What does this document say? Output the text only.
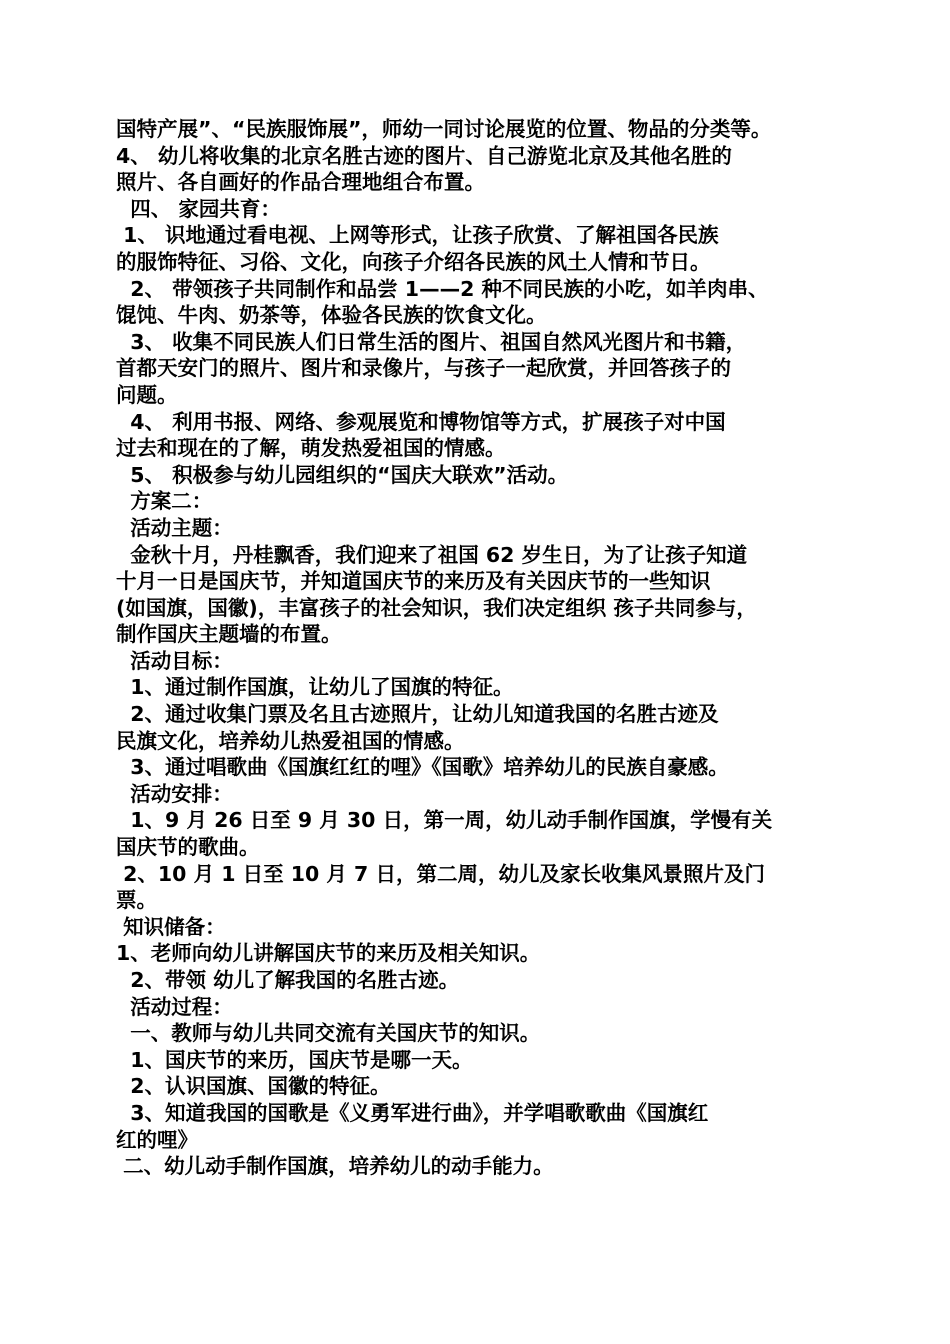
国特产展”、“民族服饰展”，师幼一同讨论展览的位置、物品的分类等。
4、 幼儿将收集的北京名胜古迹的图片、自己游览北京及其他名胜的
照片、各自画好的作品合理地组合布置。
四、 家园共育：
1、 识地通过看电视、上网等形式，让孩子欣赏、了解祖国各民族
的服饰特征、习俗、文化，向孩子介绍各民族的风土人情和节日。
2、 带领孩子共同制作和品尝 1——2 种不同民族的小吃，如羊肉串、
馄饨、牛肉、奶茶等，体验各民族的饮食文化。
3、 收集不同民族人们日常生活的图片、祖国自然风光图片和书籍，
首都天安门的照片、图片和录像片，与孩子一起欣赏，并回答孩子的
问题。
4、 利用书报、网络、参观展览和博物馆等方式，扩展孩子对中国
过去和现在的了解，萌发热爱祖国的情感。
5、 积极参与幼儿园组织的“国庆大联欢”活动。
方案二：
活动主题：
金秋十月，丹桂飘香，我们迎来了祖国 62 岁生日，为了让孩子知道
十月一日是国庆节，并知道国庆节的来历及有关因庆节的一些知识
(如国旗，国徽)，丰富孩子的社会知识，我们决定组织 孩子共同参与，
制作国庆主题墙的布置。
活动目标：
1、通过制作国旗，让幼儿了国旗的特征。
2、通过收集门票及名且古迹照片，让幼儿知道我国的名胜古迹及
民旗文化，培养幼儿热爱祖国的情感。
3、通过唱歌曲《国旗红红的哩》《国歌》培养幼儿的民族自豪感。
活动安排：
1、9 月 26 日至 9 月 30 日，第一周，幼儿动手制作国旗，学慢有关
国庆节的歌曲。
2、10 月 1 日至 10 月 7 日，第二周，幼儿及家长收集风景照片及门
票。
知识储备：
1、老师向幼儿讲解国庆节的来历及相关知识。
2、带领 幼儿了解我国的名胜古迹。
活动过程：
一、教师与幼儿共同交流有关国庆节的知识。
1、国庆节的来历，国庆节是哪一天。
2、认识国旗、国徽的特征。
3、知道我国的国歌是《义勇军进行曲》，并学唱歌歌曲《国旗红
红的哩》
二、幼儿动手制作国旗，培养幼儿的动手能力。
